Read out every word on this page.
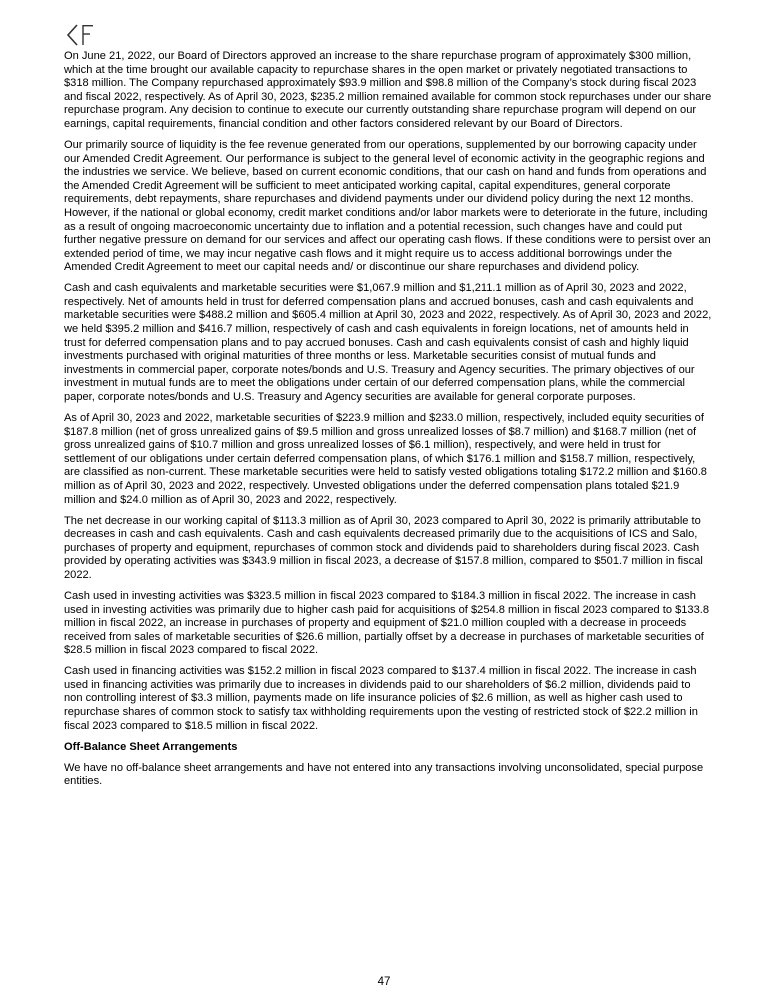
On June 21, 2022, our Board of Directors approved an increase to the share repurchase program of approximately $300 million, which at the time brought our available capacity to repurchase shares in the open market or privately negotiated transactions to $318 million. The Company repurchased approximately $93.9 million and $98.8 million of the Company’s stock during fiscal 2023 and fiscal 2022, respectively. As of April 30, 2023, $235.2 million remained available for common stock repurchases under our share repurchase program. Any decision to continue to execute our currently outstanding share repurchase program will depend on our earnings, capital requirements, financial condition and other factors considered relevant by our Board of Directors.

Our primarily source of liquidity is the fee revenue generated from our operations, supplemented by our borrowing capacity under our Amended Credit Agreement. Our performance is subject to the general level of economic activity in the geographic regions and the industries we service. We believe, based on current economic conditions, that our cash on hand and funds from operations and the Amended Credit Agreement will be sufficient to meet anticipated working capital, capital expenditures, general corporate requirements, debt repayments, share repurchases and dividend payments under our dividend policy during the next 12 months. However, if the national or global economy, credit market conditions and/or labor markets were to deteriorate in the future, including as a result of ongoing macroeconomic uncertainty due to inflation and a potential recession, such changes have and could put further negative pressure on demand for our services and affect our operating cash flows. If these conditions were to persist over an extended period of time, we may incur negative cash flows and it might require us to access additional borrowings under the Amended Credit Agreement to meet our capital needs and/ or discontinue our share repurchases and dividend policy.

Cash and cash equivalents and marketable securities were $1,067.9 million and $1,211.1 million as of April 30, 2023 and 2022, respectively. Net of amounts held in trust for deferred compensation plans and accrued bonuses, cash and cash equivalents and marketable securities were $488.2 million and $605.4 million at April 30, 2023 and 2022, respectively. As of April 30, 2023 and 2022, we held $395.2 million and $416.7 million, respectively of cash and cash equivalents in foreign locations, net of amounts held in trust for deferred compensation plans and to pay accrued bonuses. Cash and cash equivalents consist of cash and highly liquid investments purchased with original maturities of three months or less. Marketable securities consist of mutual funds and investments in commercial paper, corporate notes/bonds and U.S. Treasury and Agency securities. The primary objectives of our investment in mutual funds are to meet the obligations under certain of our deferred compensation plans, while the commercial paper, corporate notes/bonds and U.S. Treasury and Agency securities are available for general corporate purposes.

As of April 30, 2023 and 2022, marketable securities of $223.9 million and $233.0 million, respectively, included equity securities of $187.8 million (net of gross unrealized gains of $9.5 million and gross unrealized losses of $8.7 million) and $168.7 million (net of gross unrealized gains of $10.7 million and gross unrealized losses of $6.1 million), respectively, and were held in trust for settlement of our obligations under certain deferred compensation plans, of which $176.1 million and $158.7 million, respectively, are classified as non-current. These marketable securities were held to satisfy vested obligations totaling $172.2 million and $160.8 million as of April 30, 2023 and 2022, respectively. Unvested obligations under the deferred compensation plans totaled $21.9 million and $24.0 million as of April 30, 2023 and 2022, respectively.

The net decrease in our working capital of $113.3 million as of April 30, 2023 compared to April 30, 2022 is primarily attributable to decreases in cash and cash equivalents. Cash and cash equivalents decreased primarily due to the acquisitions of ICS and Salo, purchases of property and equipment, repurchases of common stock and dividends paid to shareholders during fiscal 2023. Cash provided by operating activities was $343.9 million in fiscal 2023, a decrease of $157.8 million, compared to $501.7 million in fiscal 2022.

Cash used in investing activities was $323.5 million in fiscal 2023 compared to $184.3 million in fiscal 2022. The increase in cash used in investing activities was primarily due to higher cash paid for acquisitions of $254.8 million in fiscal 2023 compared to $133.8 million in fiscal 2022, an increase in purchases of property and equipment of $21.0 million coupled with a decrease in proceeds received from sales of marketable securities of $26.6 million, partially offset by a decrease in purchases of marketable securities of $28.5 million in fiscal 2023 compared to fiscal 2022.

Cash used in financing activities was $152.2 million in fiscal 2023 compared to $137.4 million in fiscal 2022. The increase in cash used in financing activities was primarily due to increases in dividends paid to our shareholders of $6.2 million, dividends paid to non controlling interest of $3.3 million, payments made on life insurance policies of $2.6 million, as well as higher cash used to repurchase shares of common stock to satisfy tax withholding requirements upon the vesting of restricted stock of $22.2 million in fiscal 2023 compared to $18.5 million in fiscal 2022.

Off-Balance Sheet Arrangements

We have no off-balance sheet arrangements and have not entered into any transactions involving unconsolidated, special purpose entities.

47
